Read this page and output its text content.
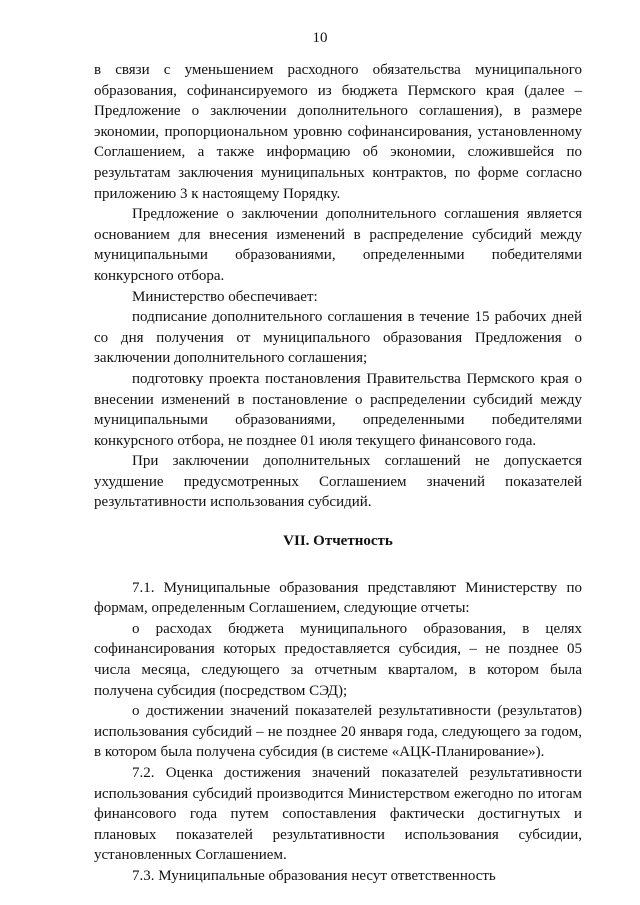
10

в связи с уменьшением расходного обязательства муниципального образования, софинансируемого из бюджета Пермского края (далее – Предложение о заключении дополнительного соглашения), в размере экономии, пропорциональном уровню софинансирования, установленному Соглашением, а также информацию об экономии, сложившейся по результатам заключения муниципальных контрактов, по форме согласно приложению 3 к настоящему Порядку.

Предложение о заключении дополнительного соглашения является основанием для внесения изменений в распределение субсидий между муниципальными образованиями, определенными победителями конкурсного отбора.

Министерство обеспечивает:

подписание дополнительного соглашения в течение 15 рабочих дней со дня получения от муниципального образования Предложения о заключении дополнительного соглашения;

подготовку проекта постановления Правительства Пермского края о внесении изменений в постановление о распределении субсидий между муниципальными образованиями, определенными победителями конкурсного отбора, не позднее 01 июля текущего финансового года.

При заключении дополнительных соглашений не допускается ухудшение предусмотренных Соглашением значений показателей результативности использования субсидий.

VII. Отчетность

7.1. Муниципальные образования представляют Министерству по формам, определенным Соглашением, следующие отчеты:

о расходах бюджета муниципального образования, в целях софинансирования которых предоставляется субсидия, – не позднее 05 числа месяца, следующего за отчетным кварталом, в котором была получена субсидия (посредством СЭД);

о достижении значений показателей результативности (результатов) использования субсидий – не позднее 20 января года, следующего за годом, в котором была получена субсидия (в системе «АЦК-Планирование»).

7.2. Оценка достижения значений показателей результативности использования субсидий производится Министерством ежегодно по итогам финансового года путем сопоставления фактически достигнутых и плановых показателей результативности использования субсидии, установленных Соглашением.

7.3. Муниципальные образования несут ответственность
